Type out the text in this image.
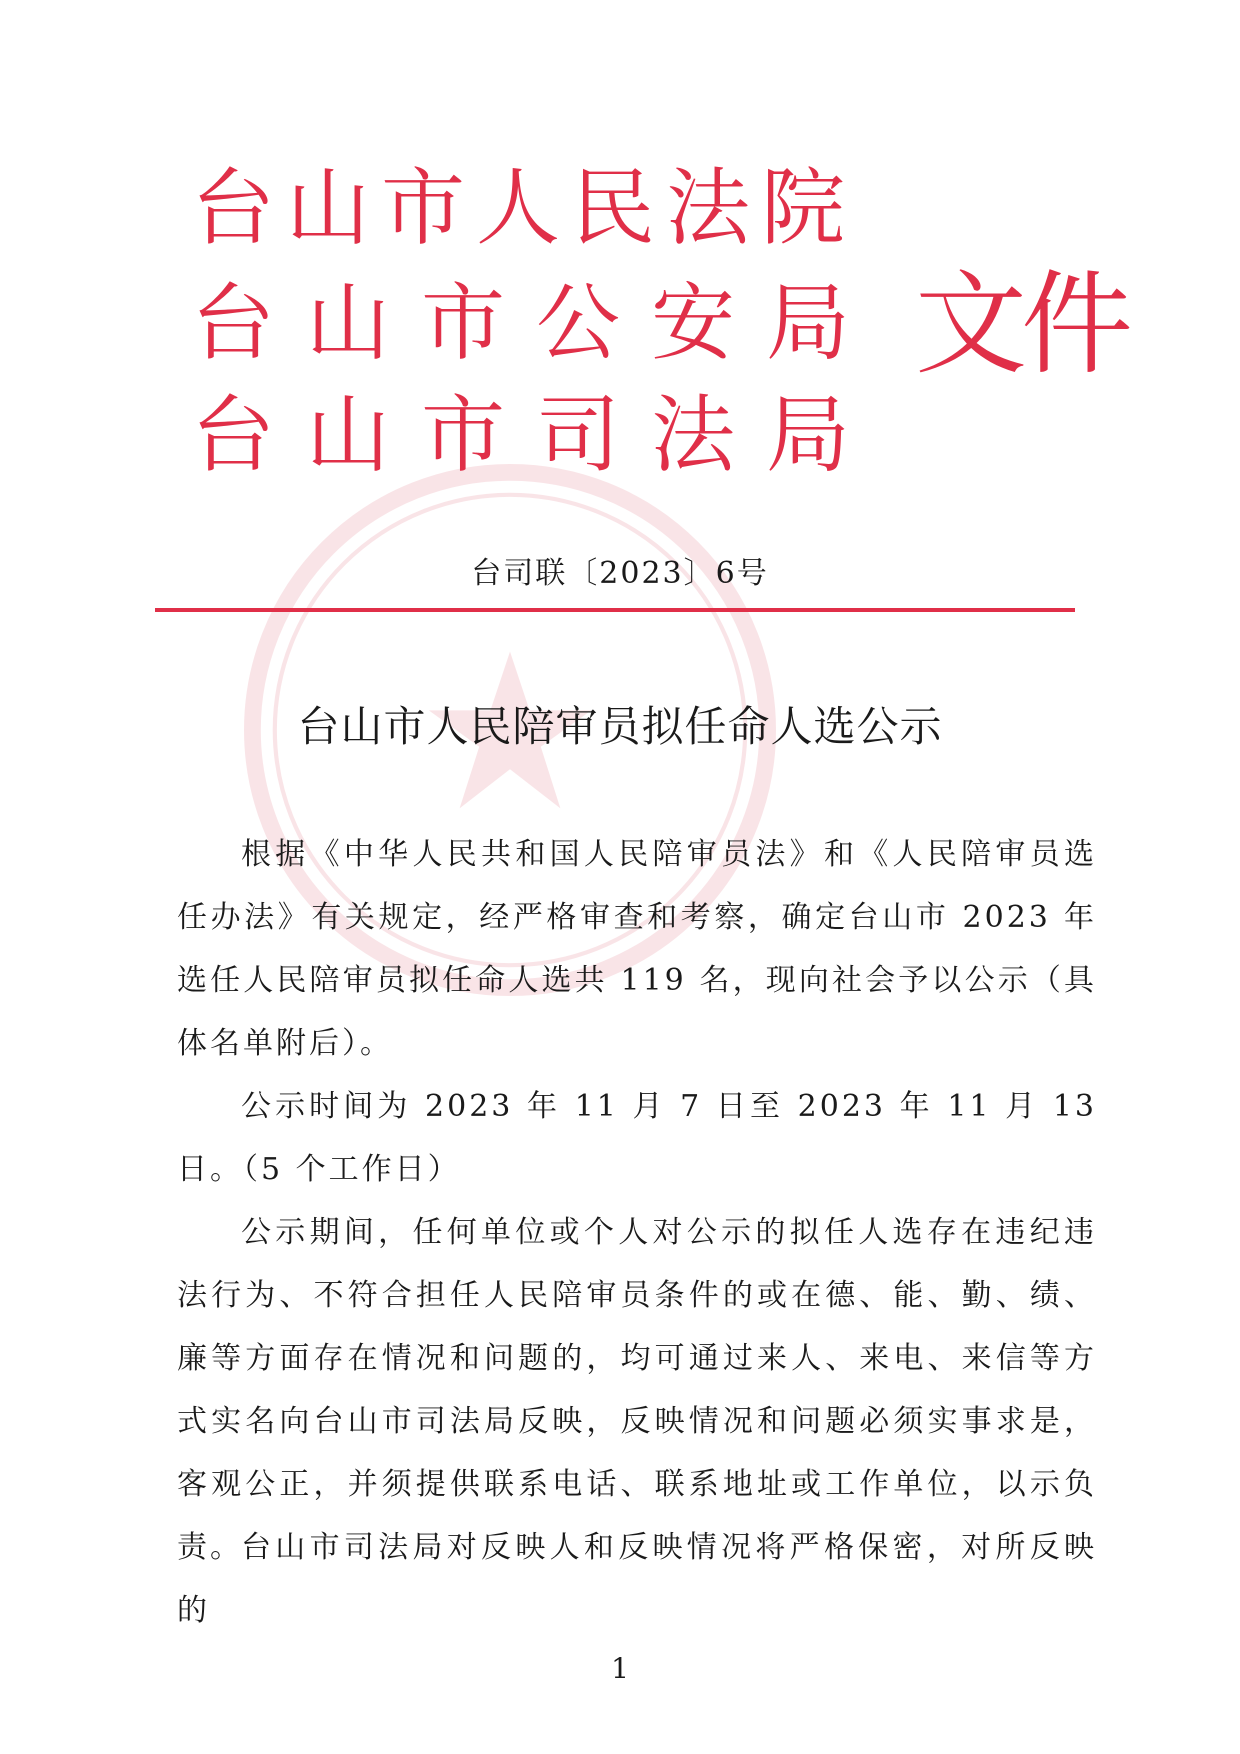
台 山 市 人 民 法 院
台 山 市 公 安 局 文件
台 山 市 司 法 局
台司联〔2023〕6号
台山市人民陪审员拟任命人选公示

根据《中华人民共和国人民陪审员法》和《人民陪审员选任办法》有关规定，经严格审查和考察，确定台山市 2023 年选任人民陪审员拟任命人选共 119 名，现向社会予以公示（具体名单附后）。

公示时间为 2023 年 11 月 7 日至 2023 年 11 月 13 日。（5 个工作日）

公示期间，任何单位或个人对公示的拟任人选存在违纪违法行为、不符合担任人民陪审员条件的或在德、能、勤、绩、廉等方面存在情况和问题的，均可通过来人、来电、来信等方式实名向台山市司法局反映，反映情况和问题必须实事求是，客观公正，并须提供联系电话、联系地址或工作单位，以示负责。

台山市司法局对反映人和反映情况将严格保密，对所反映的

1
